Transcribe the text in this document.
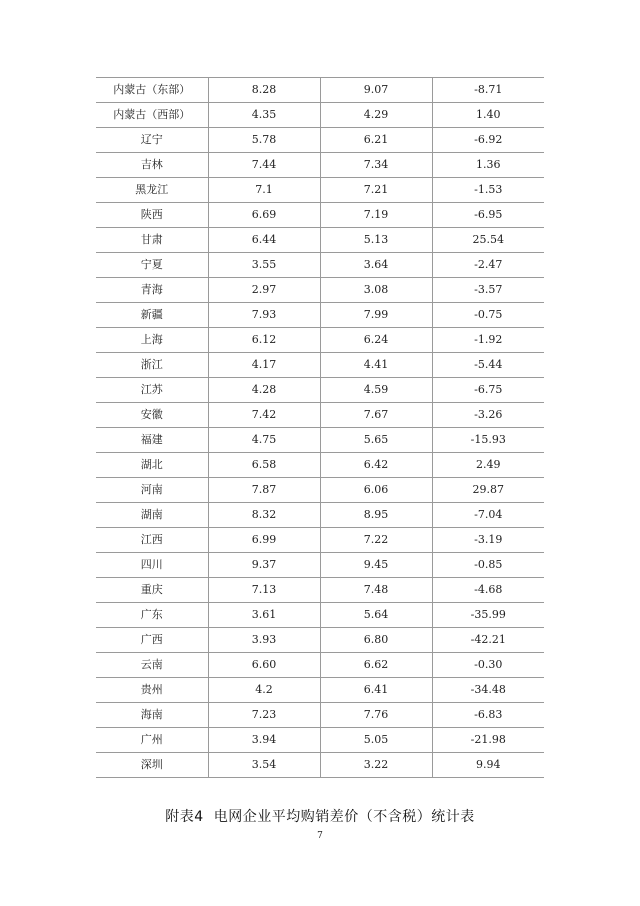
内蒙古（东部）	8.28	9.07	-8.71
内蒙古（西部）	4.35	4.29	1.40
辽宁	5.78	6.21	-6.92
吉林	7.44	7.34	1.36
黑龙江	7.1	7.21	-1.53
陕西	6.69	7.19	-6.95
甘肃	6.44	5.13	25.54
宁夏	3.55	3.64	-2.47
青海	2.97	3.08	-3.57
新疆	7.93	7.99	-0.75
上海	6.12	6.24	-1.92
浙江	4.17	4.41	-5.44
江苏	4.28	4.59	-6.75
安徽	7.42	7.67	-3.26
福建	4.75	5.65	-15.93
湖北	6.58	6.42	2.49
河南	7.87	6.06	29.87
湖南	8.32	8.95	-7.04
江西	6.99	7.22	-3.19
四川	9.37	9.45	-0.85
重庆	7.13	7.48	-4.68
广东	3.61	5.64	-35.99
广西	3.93	6.80	-42.21
云南	6.60	6.62	-0.30
贵州	4.2	6.41	-34.48
海南	7.23	7.76	-6.83
广州	3.94	5.05	-21.98
深圳	3.54	3.22	9.94
附表4 电网企业平均购销差价（不含税）统计表
7
